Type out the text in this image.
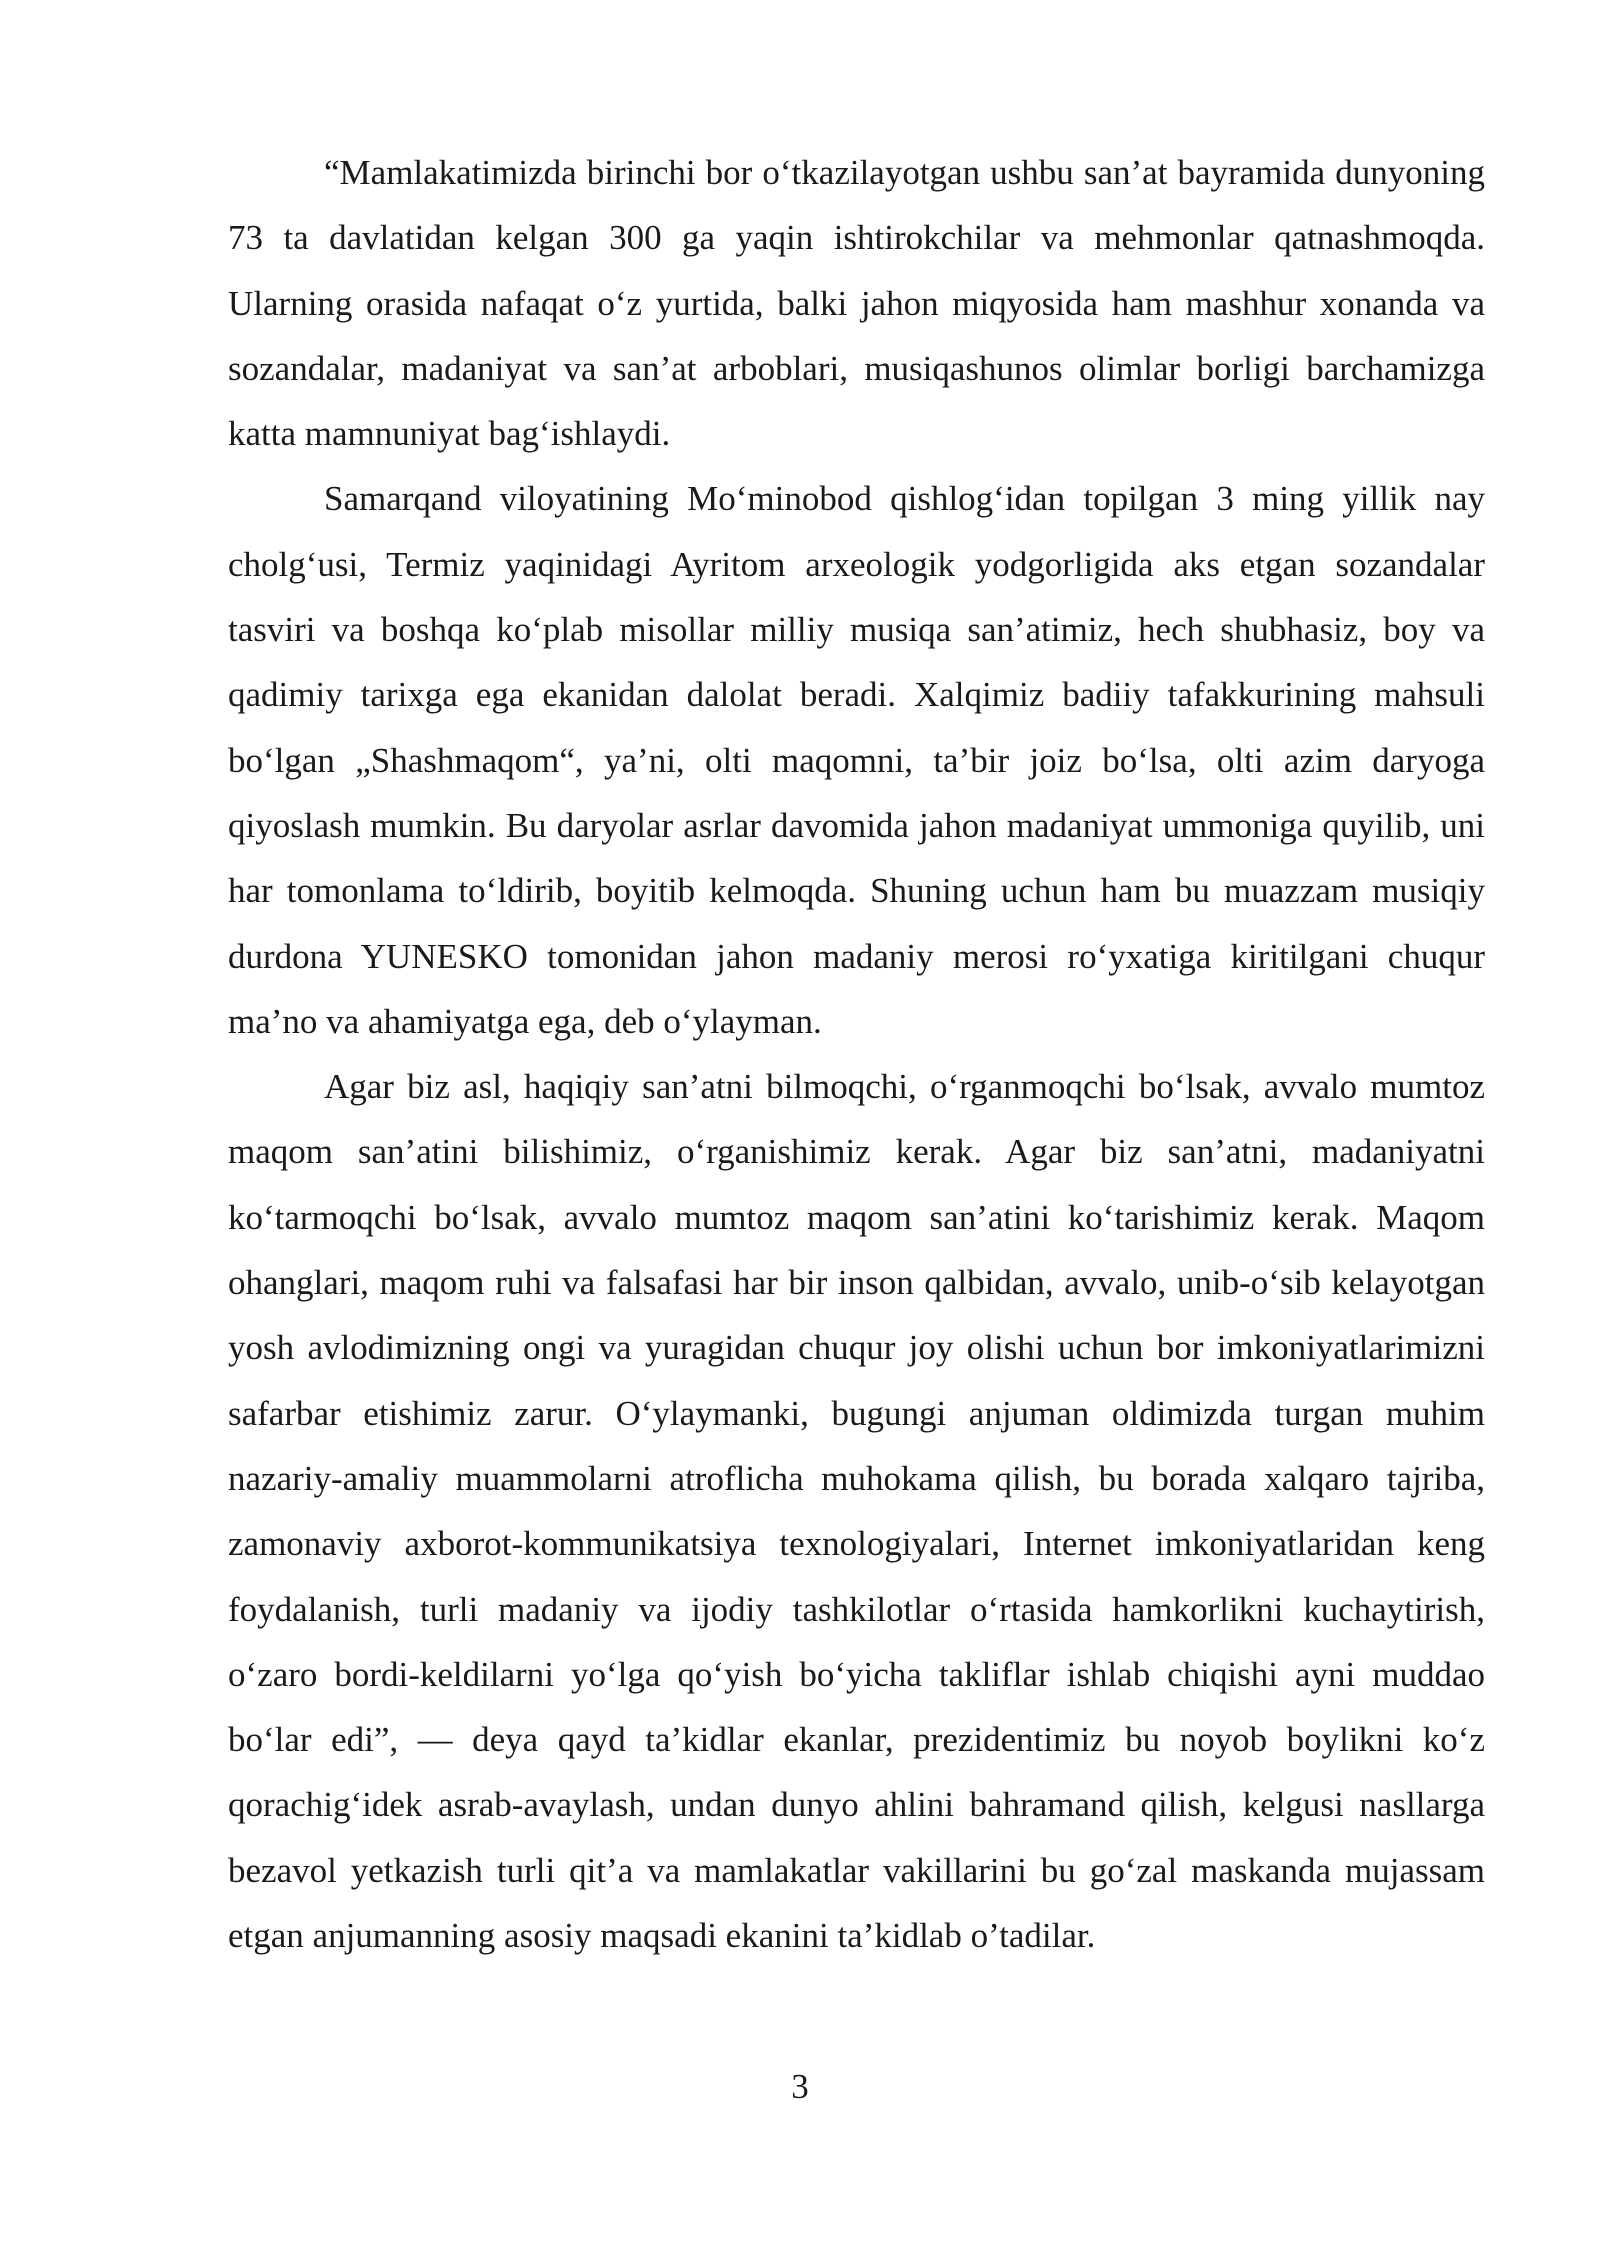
“Mamlakatimizda birinchi bor o‘tkazilayotgan ushbu san’at bayramida dunyoning 73 ta davlatidan kelgan 300 ga yaqin ishtirokchilar va mehmonlar qatnashmoqda. Ularning orasida nafaqat o‘z yurtida, balki jahon miqyosida ham mashhur xonanda va sozandalar, madaniyat va san’at arboblari, musiqashunos olimlar borligi barchamizga katta mamnuniyat bag‘ishlaydi.

Samarqand viloyatining Mo‘minobod qishlog‘idan topilgan 3 ming yillik nay cholg‘usi, Termiz yaqinidagi Ayritom arxeologik yodgorligida aks etgan sozandalar tasviri va boshqa ko‘plab misollar milliy musiqa san’atimiz, hech shubhasiz, boy va qadimiy tarixga ega ekanidan dalolat beradi. Xalqimiz badiiy tafakkurining mahsuli bo‘lgan „Shashmaqom“, ya’ni, olti maqomni, ta’bir joiz bo‘lsa, olti azim daryoga qiyoslash mumkin. Bu daryolar asrlar davomida jahon madaniyat ummoniga quyilib, uni har tomonlama to‘ldirib, boyitib kelmoqda. Shuning uchun ham bu muazzam musiqiy durdona YUNESKO tomonidan jahon madaniy merosi ro‘yxatiga kiritilgani chuqur ma’no va ahamiyatga ega, deb o‘ylayman.

Agar biz asl, haqiqiy san’atni bilmoqchi, o‘rganmoqchi bo‘lsak, avvalo mumtoz maqom san’atini bilishimiz, o‘rganishimiz kerak. Agar biz san’atni, madaniyatni ko‘tarmoqchi bo‘lsak, avvalo mumtoz maqom san’atini ko‘tarishimiz kerak. Maqom ohanglari, maqom ruhi va falsafasi har bir inson qalbidan, avvalo, unib-o‘sib kelayotgan yosh avlodimizning ongi va yuragidan chuqur joy olishi uchun bor imkoniyatlarimizni safarbar etishimiz zarur. O‘ylaymanki, bugungi anjuman oldimizda turgan muhim nazariy-amaliy muammolarni atroflicha muhokama qilish, bu borada xalqaro tajriba, zamonaviy axborot-kommunikatsiya texnologiyalari, Internet imkoniyatlaridan keng foydalanish, turli madaniy va ijodiy tashkilotlar o‘rtasida hamkorlikni kuchaytirish, o‘zaro bordi-keldilarni yo‘lga qo‘yish bo‘yicha takliflar ishlab chiqishi ayni muddao bo‘lar edi”, — deya qayd ta’kidlar ekanlar, prezidentimiz bu noyob boylikni ko‘z qorachig‘idek asrab-avaylash, undan dunyo ahlini bahramand qilish, kelgusi nasllarga bezavol yetkazish turli qit’a va mamlakatlar vakillarini bu go‘zal maskanda mujassam etgan anjumanning asosiy maqsadi ekanini ta’kidlab o’tadilar.

3
